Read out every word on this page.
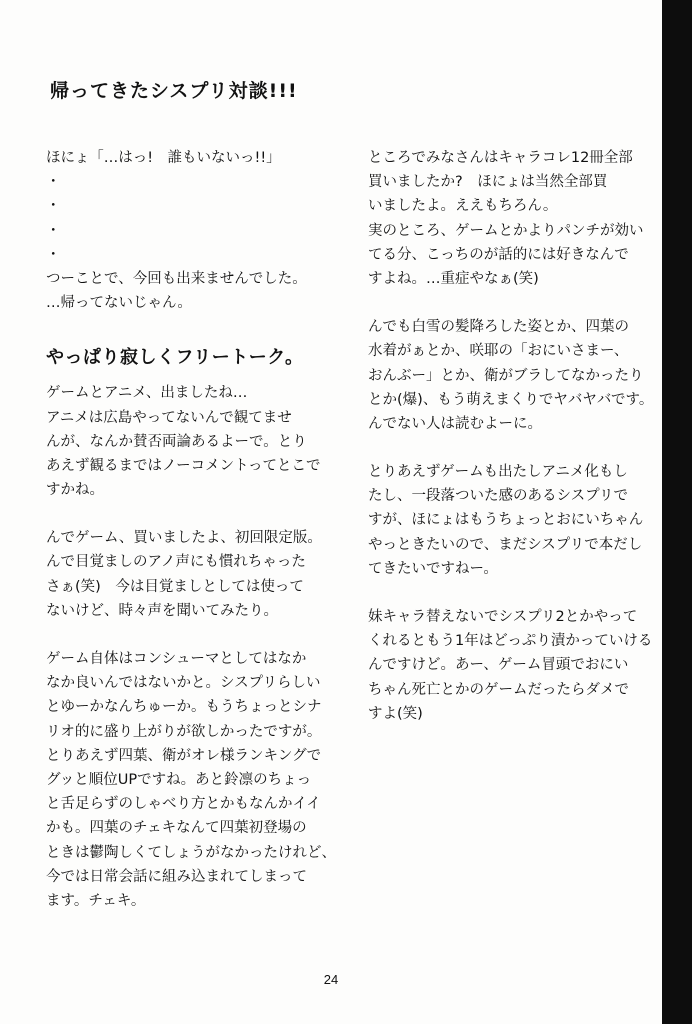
帰ってきたシスプリ対談!!!
ほにょ「…はっ!　誰もいないっ!!」
・
・
・
・
つーことで、今回も出来ませんでした。
…帰ってないじゃん。
やっぱり寂しくフリートーク。
ゲームとアニメ、出ましたね…
アニメは広島やってないんで観てませ
んが、なんか賛否両論あるよーで。とり
あえず観るまではノーコメントってとこで
すかね。
んでゲーム、買いましたよ、初回限定版。
んで目覚ましのアノ声にも慣れちゃった
さぁ(笑)　今は目覚ましとしては使って
ないけど、時々声を聞いてみたり。
ゲーム自体はコンシューマとしてはなか
なか良いんではないかと。シスプリらしい
とゆーかなんちゅーか。もうちょっとシナ
リオ的に盛り上がりが欲しかったですが。
とりあえず四葉、衛がオレ様ランキングで
グッと順位UPですね。あと鈴凛のちょっ
と舌足らずのしゃべり方とかもなんかイイ
かも。四葉のチェキなんて四葉初登場の
ときは鬱陶しくてしょうがなかったけれど、
今では日常会話に組み込まれてしまって
ます。チェキ。
ところでみなさんはキャラコレ12冊全部
買いましたか?　ほにょは当然全部買
いましたよ。ええもちろん。
実のところ、ゲームとかよりパンチが効い
てる分、こっちのが話的には好きなんで
すよね。…重症やなぁ(笑)
んでも白雪の髪降ろした姿とか、四葉の
水着がぁとか、咲耶の「おにいさまー、
おんぶー」とか、衛がブラしてなかったり
とか(爆)、もう萌えまくりでヤバヤバです。
んでない人は読むよーに。
とりあえずゲームも出たしアニメ化もし
たし、一段落ついた感のあるシスプリで
すが、ほにょはもうちょっとおにいちゃん
やっときたいので、まだシスプリで本だし
てきたいですねー。
妹キャラ替えないでシスプリ2とかやって
くれるともう1年はどっぷり漬かっていける
んですけど。あー、ゲーム冒頭でおにい
ちゃん死亡とかのゲームだったらダメで
すよ(笑)
24
